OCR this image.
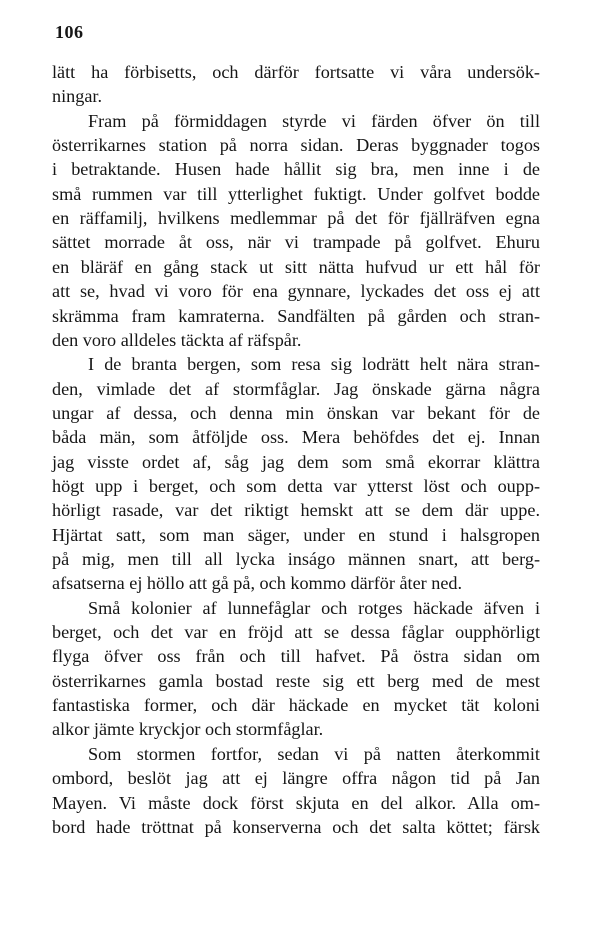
106
lätt ha förbisetts, och därför fortsatte vi våra undersök-
ningar.
Fram på förmiddagen styrde vi färden öfver ön till
österrikarnes station på norra sidan. Deras byggnader togos
i betraktande. Husen hade hållit sig bra, men inne i de
små rummen var till ytterlighet fuktigt. Under golfvet bodde
en räffamilj, hvilkens medlemmar på det för fjällräfven egna
sättet morrade åt oss, när vi trampade på golfvet. Ehuru
en bläräf en gång stack ut sitt nätta hufvud ur ett hål för
att se, hvad vi voro för ena gynnare, lyckades det oss ej att
skrämma fram kamraterna. Sandfälten på gården och stran-
den voro alldeles täckta af räfspår.
I de branta bergen, som resa sig lodrätt helt nära stran-
den, vimlade det af stormfåglar. Jag önskade gärna några
ungar af dessa, och denna min önskan var bekant för de
båda män, som åtföljde oss. Mera behöfdes det ej. Innan
jag visste ordet af, såg jag dem som små ekorrar klättra
högt upp i berget, och som detta var ytterst löst och oupp-
hörligt rasade, var det riktigt hemskt att se dem där uppe.
Hjärtat satt, som man säger, under en stund i halsgropen
på mig, men till all lycka inságo männen snart, att berg-
afsatserna ej höllo att gå på, och kommo därför åter ned.
Små kolonier af lunnefåglar och rotges häckade äfven i
berget, och det var en fröjd att se dessa fåglar oupphörligt
flyga öfver oss från och till hafvet. På östra sidan om
österrikarnes gamla bostad reste sig ett berg med de mest
fantastiska former, och där häckade en mycket tät koloni
alkor jämte kryckjor och stormfåglar.
Som stormen fortfor, sedan vi på natten återkommit
ombord, beslöt jag att ej längre offra någon tid på Jan
Mayen. Vi måste dock först skjuta en del alkor. Alla om-
bord hade tröttnat på konserverna och det salta köttet; färsk
